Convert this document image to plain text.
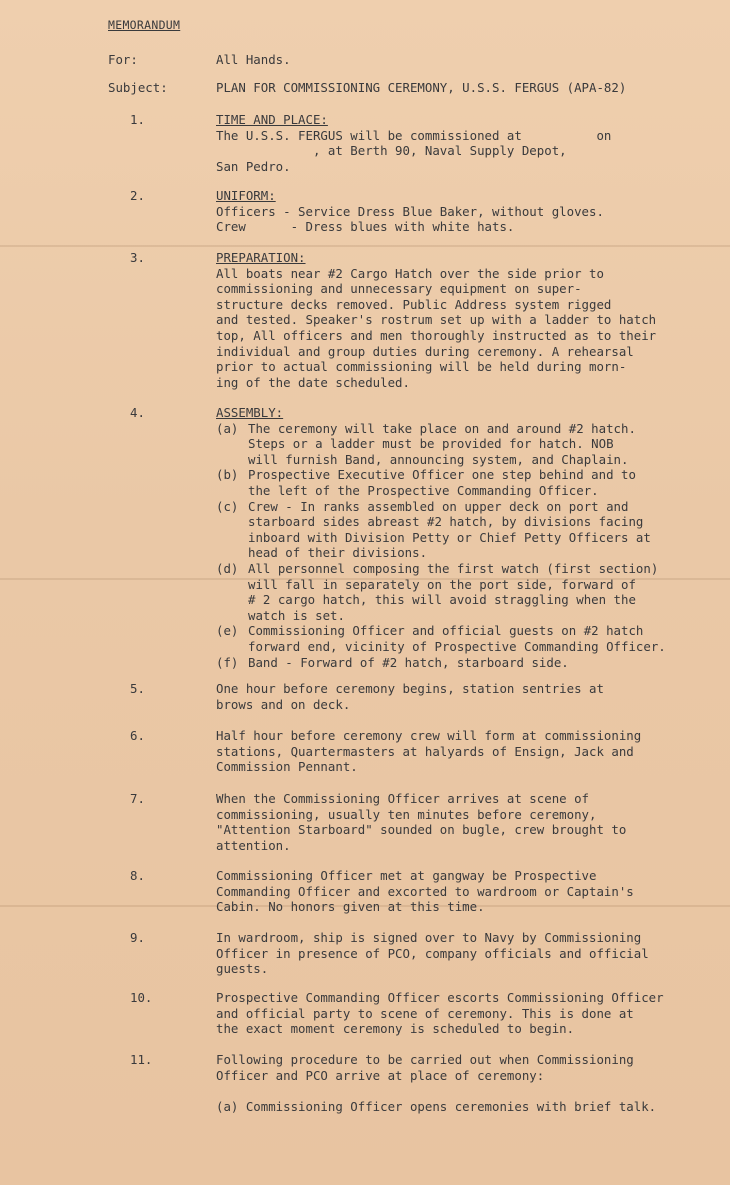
MEMORANDUM
For:	All Hands.
Subject:	PLAN FOR COMMISSIONING CEREMONY, U.S.S. FERGUS (APA-82)
1.	TIME AND PLACE:
The U.S.S. FERGUS will be commissioned at          on
, at Berth 90, Naval Supply Depot,
San Pedro.
2.	UNIFORM:
Officers - Service Dress Blue Baker, without gloves.
Crew      - Dress blues with white hats.
3.	PREPARATION:
All boats near #2 Cargo Hatch over the side prior to
commissioning and unnecessary equipment on super-
structure decks removed. Public Address system rigged
and tested. Speaker's rostrum set up with a ladder to hatch
top, All officers and men thoroughly instructed as to their
individual and group duties during ceremony. A rehearsal
prior to actual commissioning will be held during morn-
ing of the date scheduled.
4.	ASSEMBLY:
(a) The ceremony will take place on and around #2 hatch.
Steps or a ladder must be provided for hatch. NOB
will furnish Band, announcing system, and Chaplain.
(b) Prospective Executive Officer one step behind and to
the left of the Prospective Commanding Officer.
(c) Crew - In ranks assembled on upper deck on port and
starboard sides abreast #2 hatch, by divisions facing
inboard with Division Petty or Chief Petty Officers at
head of their divisions.
(d) All personnel composing the first watch (first section)
will fall in separately on the port side, forward of
# 2 cargo hatch, this will avoid straggling when the
watch is set.
(e) Commissioning Officer and official guests on #2 hatch
forward end, vicinity of Prospective Commanding Officer.
(f) Band - Forward of #2 hatch, starboard side.
5.	One hour before ceremony begins, station sentries at
brows and on deck.
6.	Half hour before ceremony crew will form at commissioning
stations, Quartermasters at halyards of Ensign, Jack and
Commission Pennant.
7.	When the Commissioning Officer arrives at scene of
commissioning, usually ten minutes before ceremony,
"Attention Starboard" sounded on bugle, crew brought to
attention.
8.	Commissioning Officer met at gangway be Prospective
Commanding Officer and excorted to wardroom or Captain's
Cabin. No honors given at this time.
9.	In wardroom, ship is signed over to Navy by Commissioning
Officer in presence of PCO, company officials and official
guests.
10.	Prospective Commanding Officer escorts Commissioning Officer
and official party to scene of ceremony. This is done at
the exact moment ceremony is scheduled to begin.
11.	Following procedure to be carried out when Commissioning
Officer and PCO arrive at place of ceremony:
(a) Commissioning Officer opens ceremonies with brief talk.
